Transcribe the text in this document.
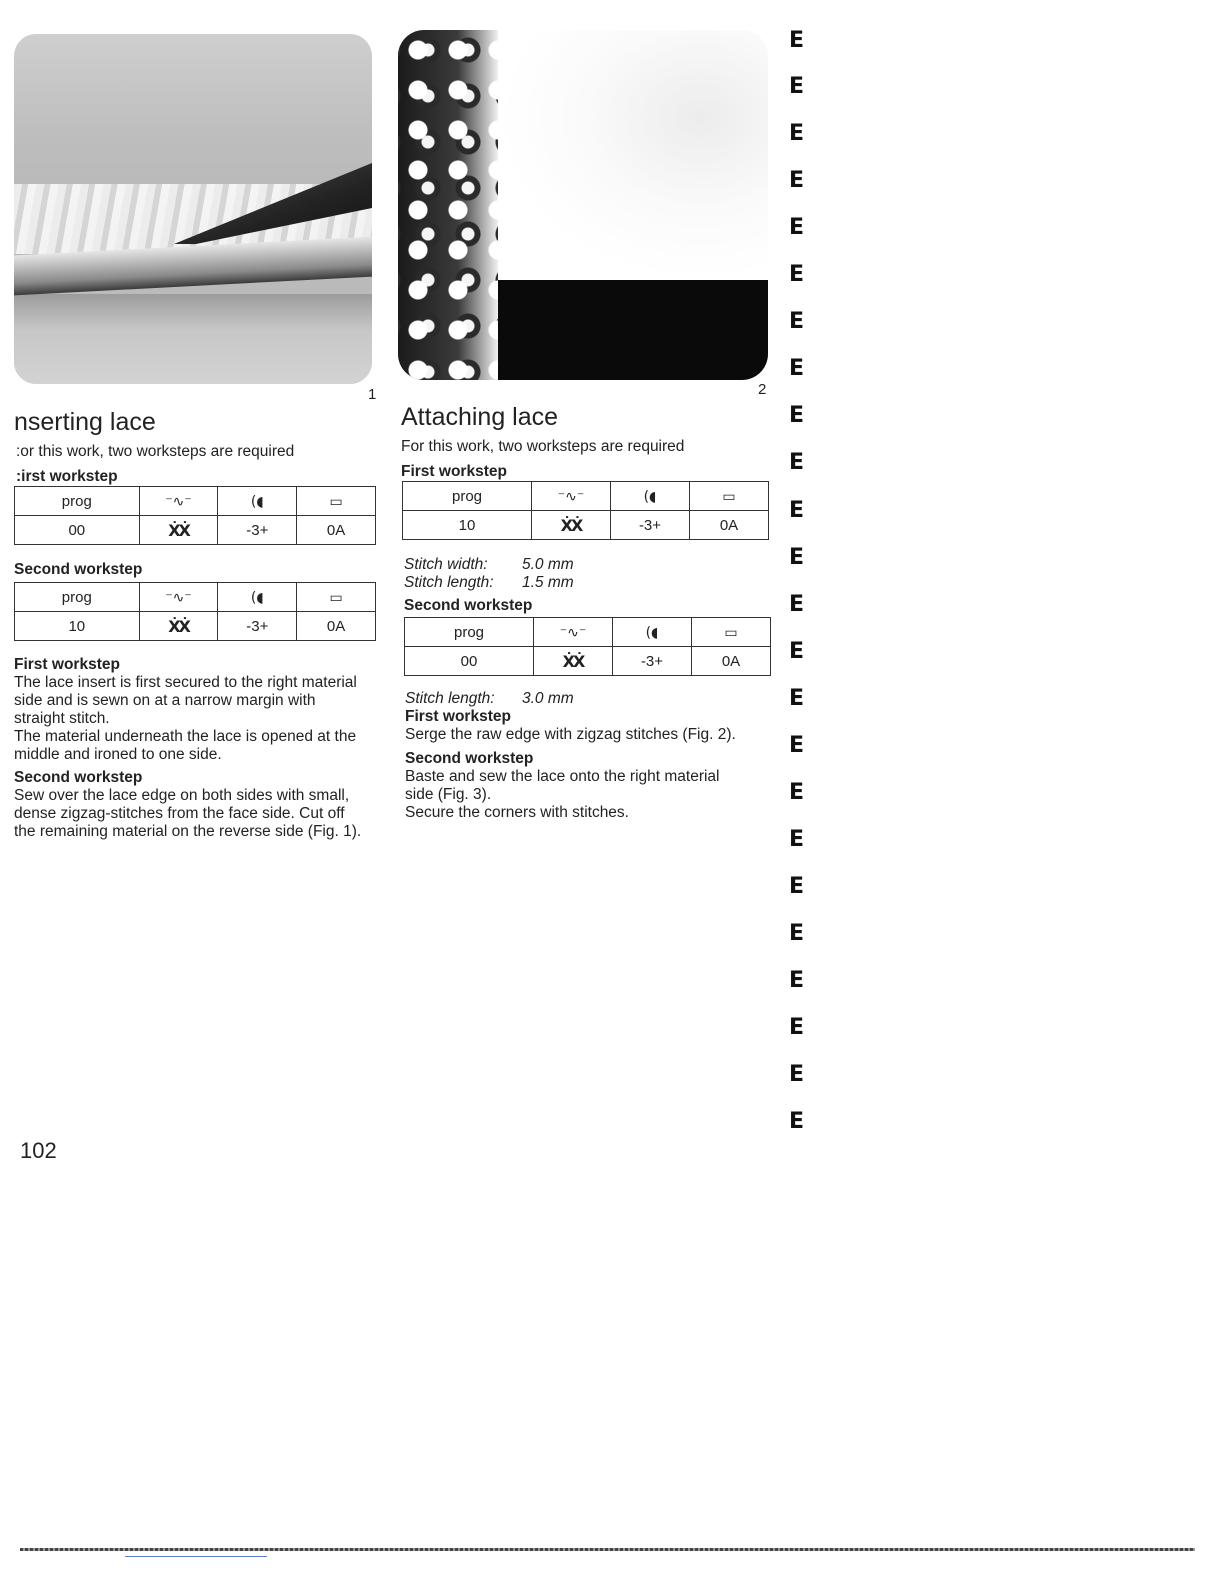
1	2
nserting lace
:or this work, two worksteps are required
:irst workstep
prog	⁻∿⁻	(◖	▭
00	ẊẊ	-3+	0A
Second workstep
prog	⁻∿⁻	(◖	▭
10	ẊẊ	-3+	0A
First workstep
The lace insert is first secured to the right material
side and is sewn on at a narrow margin with
straight stitch.
The material underneath the lace is opened at the
middle and ironed to one side.
Second workstep
Sew over the lace edge on both sides with small,
dense zigzag-stitches from the face side. Cut off
the remaining material on the reverse side (Fig. 1).
Attaching lace
For this work, two worksteps are required
First workstep
prog	⁻∿⁻	(◖	▭
10	ẊẊ	-3+	0A
Stitch width: 5.0 mm
Stitch length: 1.5 mm
Second workstep
prog	⁻∿⁻	(◖	▭
00	ẊẊ	-3+	0A
Stitch length: 3.0 mm
First workstep
Serge the raw edge with zigzag stitches (Fig. 2).
Second workstep
Baste and sew the lace onto the right material
side (Fig. 3).
Secure the corners with stitches.
E
E
E
E
E
E
E
E
E
E
E
E
E
E
E
E
E
E
E
E
E
E
E
E
102
